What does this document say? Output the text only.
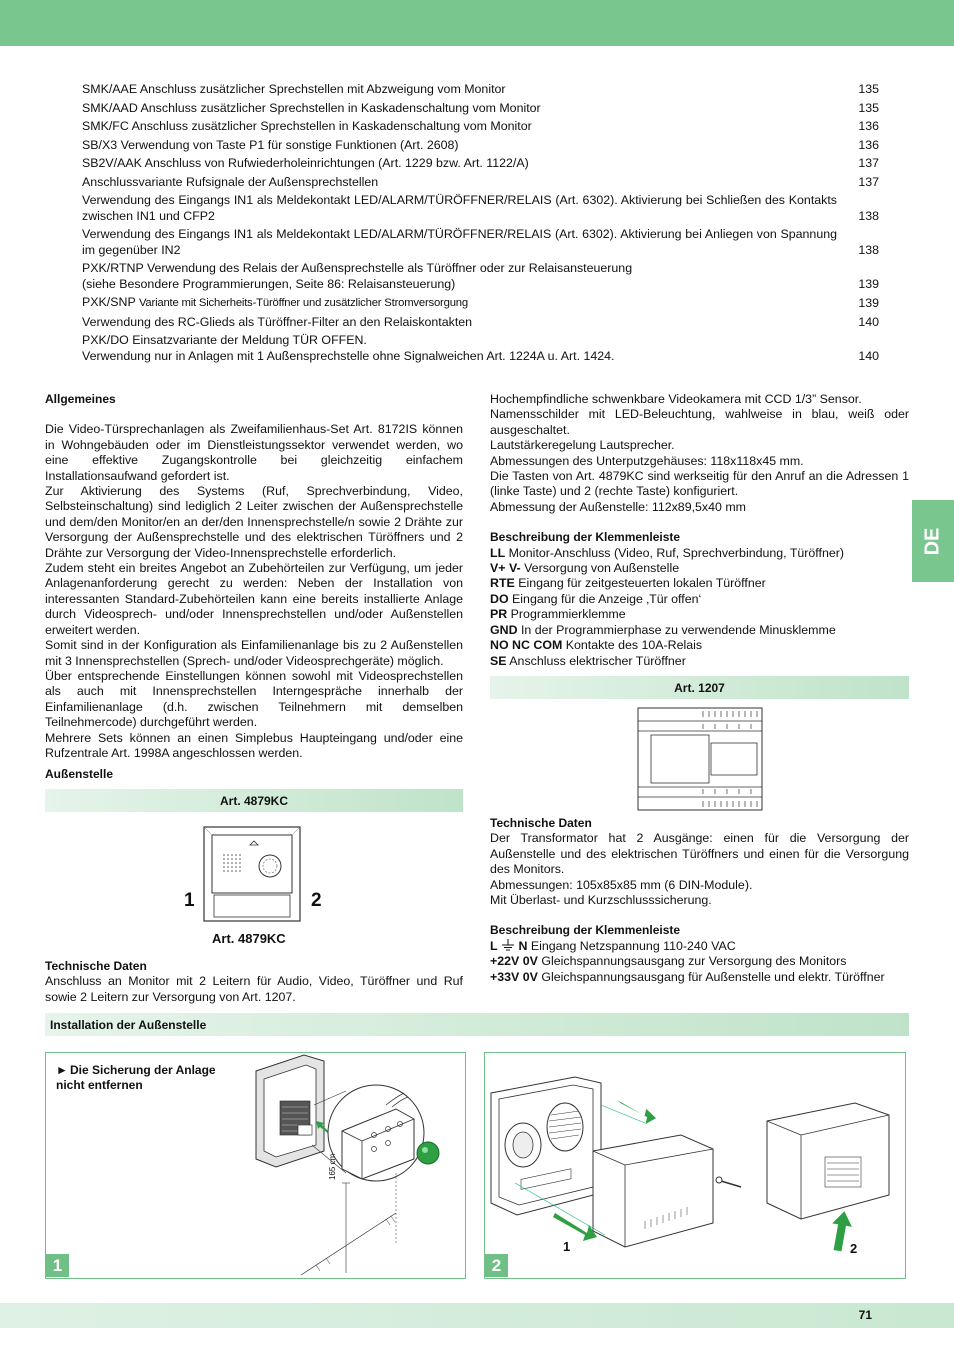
SMK/AAE Anschluss zusätzlicher Sprechstellen mit Abzweigung vom Monitor	135
SMK/AAD Anschluss zusätzlicher Sprechstellen in Kaskadenschaltung vom Monitor	135
SMK/FC Anschluss zusätzlicher Sprechstellen in Kaskadenschaltung vom Monitor	136
SB/X3 Verwendung von Taste P1 für sonstige Funktionen (Art. 2608)	136
SB2V/AAK Anschluss von Rufwiederholeinrichtungen (Art. 1229 bzw. Art. 1122/A)	137
Anschlussvariante Rufsignale der Außensprechstellen	137
Verwendung des Eingangs IN1 als Meldekontakt LED/ALARM/TÜRÖFFNER/RELAIS (Art. 6302). Aktivierung bei Schließen des Kontakts zwischen IN1 und CFP2	138
Verwendung des Eingangs IN1 als Meldekontakt LED/ALARM/TÜRÖFFNER/RELAIS (Art. 6302). Aktivierung bei Anliegen von Spannung im gegenüber IN2	138
PXK/RTNP Verwendung des Relais der Außensprechstelle als Türöffner oder zur Relaisansteuerung
(siehe Besondere Programmierungen, Seite 86: Relaisansteuerung)	139
PXK/SNP Variante mit Sicherheits-Türöffner und zusätzlicher Stromversorgung	139
Verwendung des RC-Glieds als Türöffner-Filter an den Relaiskontakten	140
PXK/DO Einsatzvariante der Meldung TÜR OFFEN.
Verwendung nur in Anlagen mit 1 Außensprechstelle ohne Signalweichen Art. 1224A u. Art. 1424.	140

Allgemeines

Die Video-Türsprechanlagen als Zweifamilienhaus-Set Art. 8172IS können in Wohngebäuden oder im Dienstleistungssektor verwendet werden, wo eine effektive Zugangskontrolle bei gleichzeitig einfachem Installationsaufwand gefordert ist.

Zur Aktivierung des Systems (Ruf, Sprechverbindung, Video, Selbsteinschaltung) sind lediglich 2 Leiter zwischen der Außensprechstelle und dem/den Monitor/en an der/den Innensprechstelle/n sowie 2 Drähte zur Versorgung der Außensprechstelle und des elektrischen Türöffners und 2 Drähte zur Versorgung der Video-Innensprechstelle erforderlich.

Zudem steht ein breites Angebot an Zubehörteilen zur Verfügung, um jeder Anlagenanforderung gerecht zu werden: Neben der Installation von interessanten Standard-Zubehörteilen kann eine bereits installierte Anlage durch Videosprech- und/oder Innensprechstellen und/oder Außenstellen erweitert werden.

Somit sind in der Konfiguration als Einfamilienanlage bis zu 2 Außenstellen mit 3 Innensprechstellen (Sprech- und/oder Videosprechgeräte) möglich.

Über entsprechende Einstellungen können sowohl mit Videosprechstellen als auch mit Innensprechstellen Interngespräche innerhalb der Einfamilienanlage (d.h. zwischen Teilnehmern mit demselben Teilnehmercode) durchgeführt werden.

Mehrere Sets können an einen Simplebus Haupteingang und/oder eine Rufzentrale Art. 1998A angeschlossen werden.

Außenstelle

Art. 4879KC
1	2
Art. 4879KC

Technische Daten

Anschluss an Monitor mit 2 Leitern für Audio, Video, Türöffner und Ruf sowie 2 Leitern zur Versorgung von Art. 1207.

Hochempfindliche schwenkbare Videokamera mit CCD 1/3” Sensor.

Namensschilder mit LED-Beleuchtung, wahlweise in blau, weiß oder ausgeschaltet.

Lautstärkeregelung Lautsprecher.

Abmessungen des Unterputzgehäuses: 118x118x45 mm.

Die Tasten von Art. 4879KC sind werkseitig für den Anruf an die Adressen 1 (linke Taste) und 2 (rechte Taste) konfiguriert.

Abmessung der Außenstelle: 112x89,5x40 mm

Beschreibung der Klemmenleiste

LL Monitor-Anschluss (Video, Ruf, Sprechverbindung, Türöffner)

V+ V- Versorgung von Außenstelle

RTE Eingang für zeitgesteuerten lokalen Türöffner

DO Eingang für die Anzeige ‚Tür offen‘

PR Programmierklemme

GND In der Programmierphase zu verwendende Minusklemme

NO NC COM Kontakte des 10A-Relais

SE Anschluss elektrischer Türöffner

Art. 1207

Technische Daten

Der Transformator hat 2 Ausgänge: einen für die Versorgung der Außenstelle und des elektrischen Türöffners und einen für die Versorgung des Monitors.

Abmessungen: 105x85x85 mm (6 DIN-Module).

Mit Überlast- und Kurzschlusssicherung.

Beschreibung der Klemmenleiste

L N Eingang Netzspannung 110-240 VAC

+22V 0V Gleichspannungsausgang zur Versorgung des Monitors

+33V 0V Gleichspannungsausgang für Außenstelle und elektr. Türöffner

DE
Installation der Außenstelle
► Die Sicherung der Anlage nicht entfernen
1
165 cm
1	2
2
71
